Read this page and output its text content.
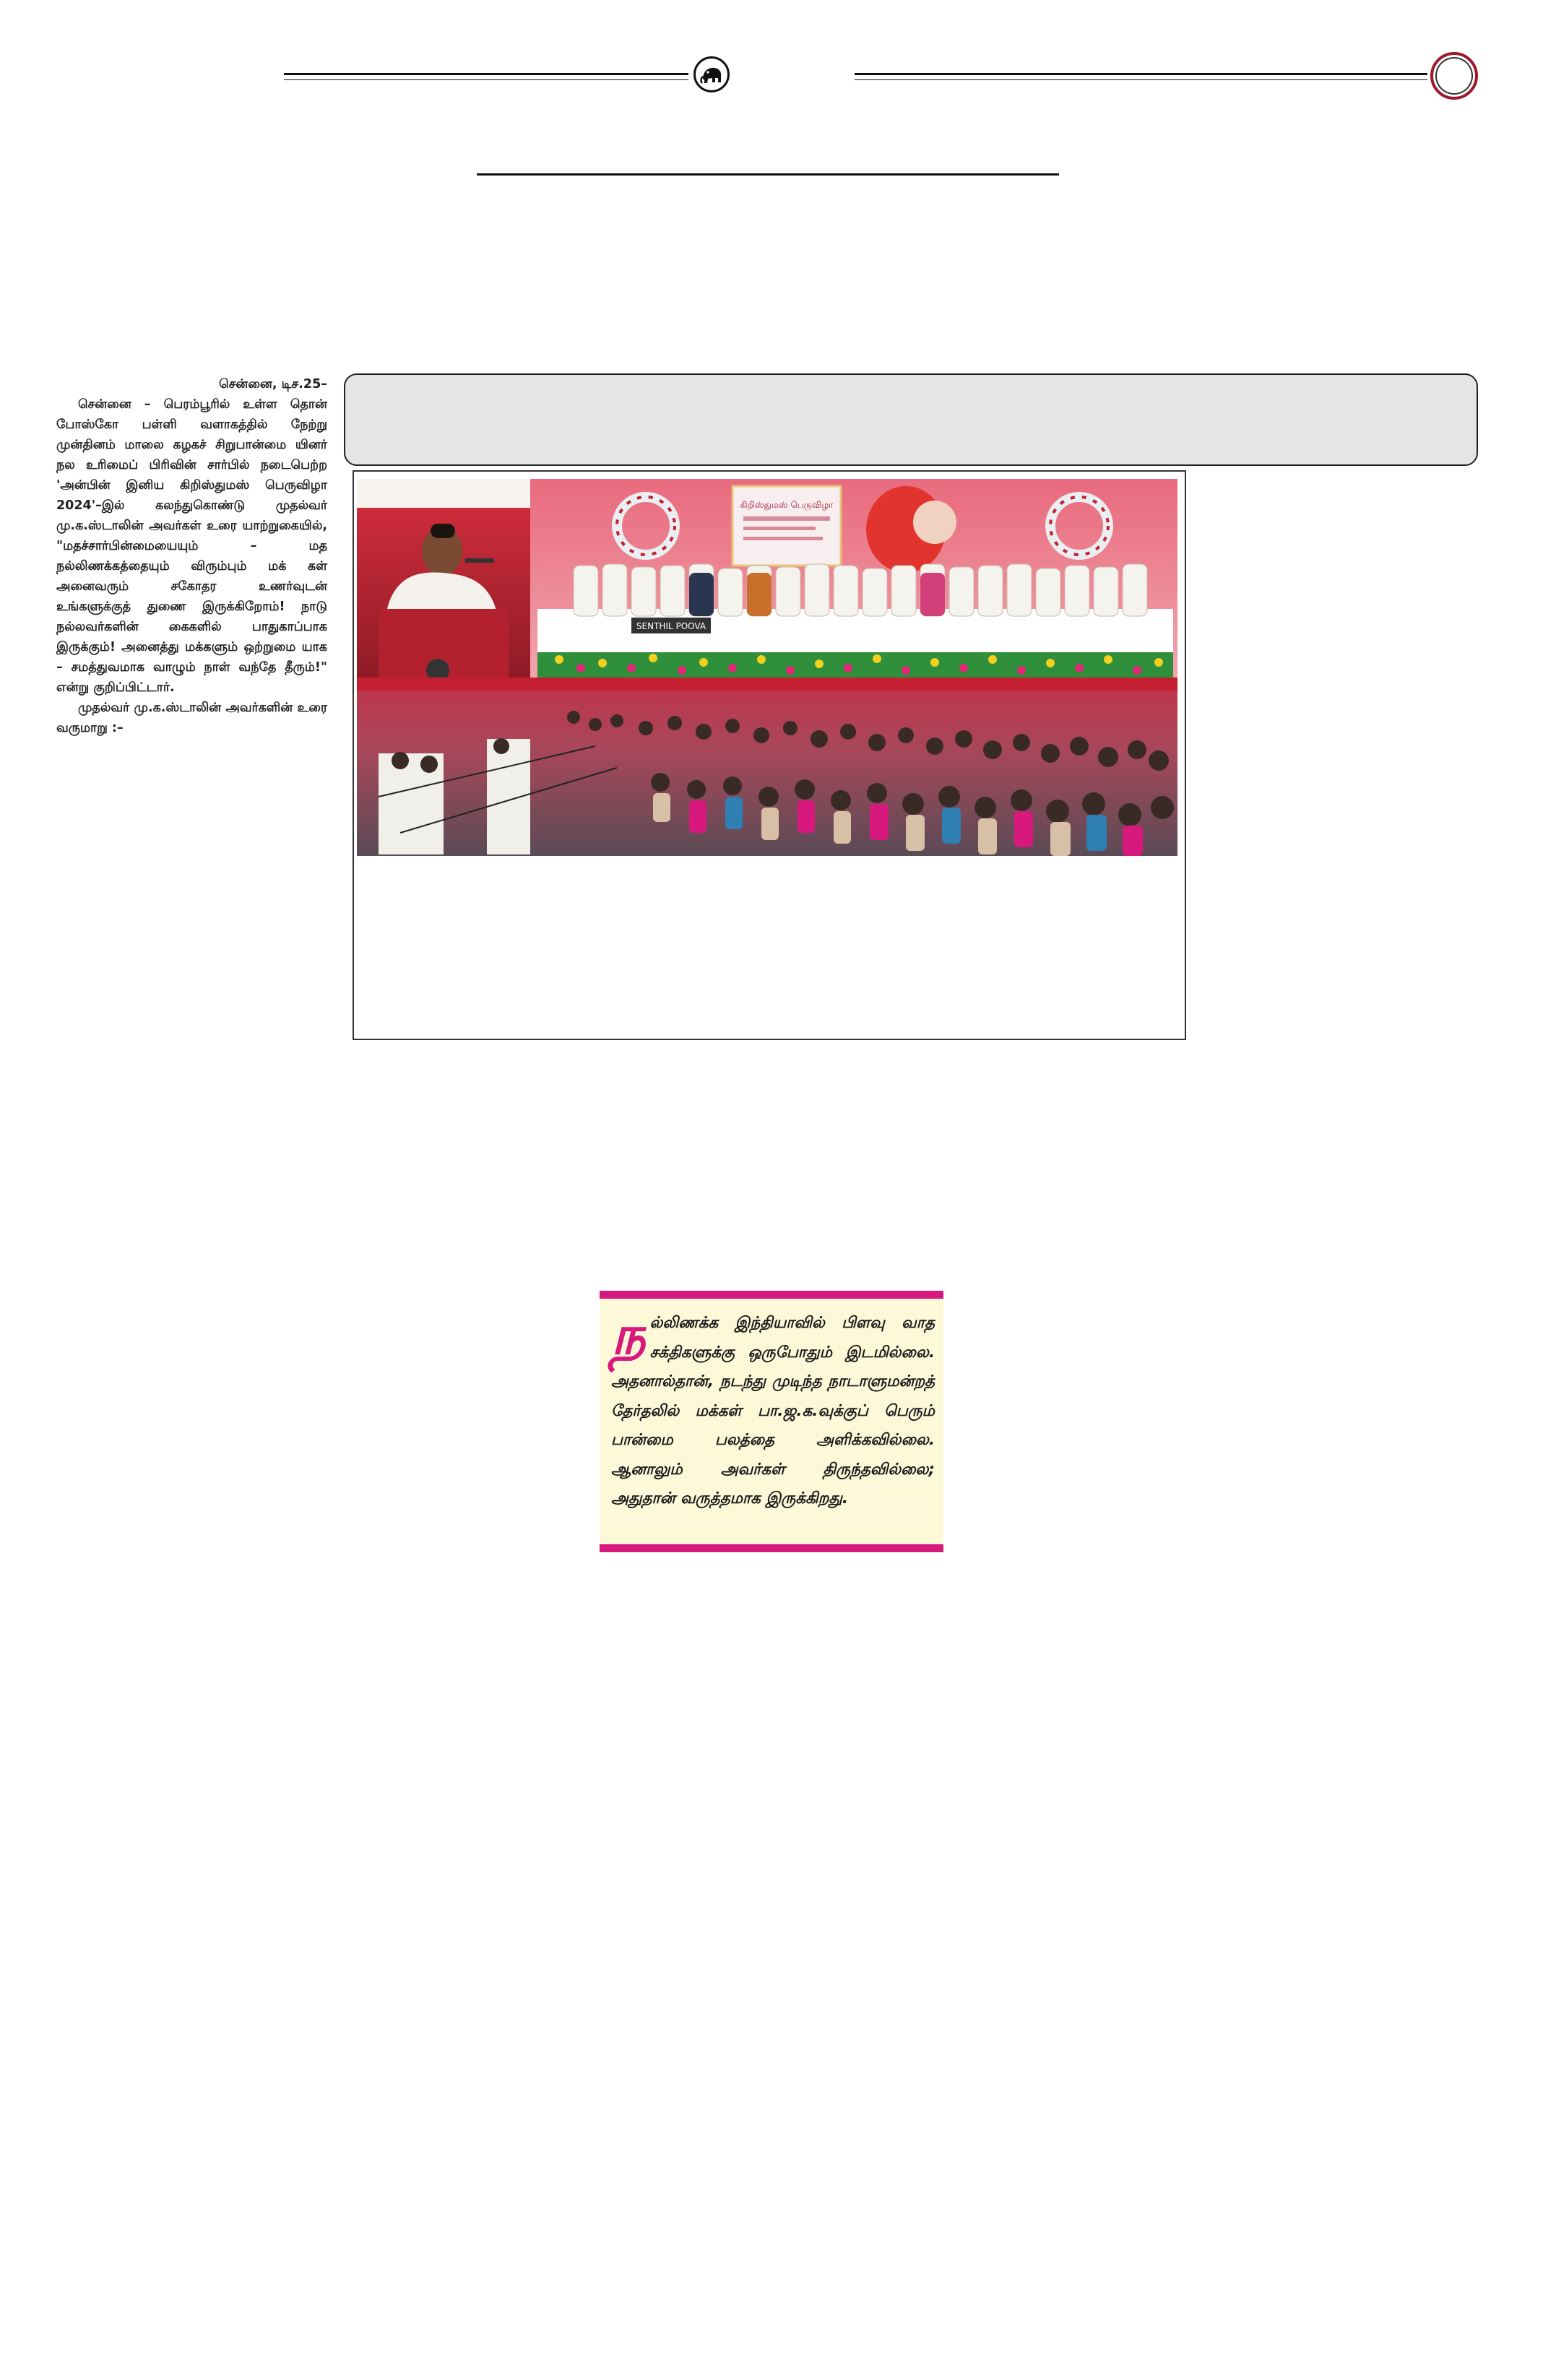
சென்னை, டிச.25–

சென்னை – பெரம்பூரில் உள்ள தொன் போஸ்கோ பள்ளி வளாகத்தில் நேற்று முன்தினம் மாலை கழகச் சிறுபான்மை யினர் நல உரிமைப் பிரிவின் சார்பில் நடைபெற்ற 'அன்பின் இனிய கிறிஸ்துமஸ் பெருவிழா 2024'–இல் கலந்துகொண்டு முதல்வர் மு.க.ஸ்டாலின் அவர்கள் உரை யாற்றுகையில், "மதச்சார்பின்மையையும் – மத நல்லிணக்கத்தையும் விரும்பும் மக் கள் அனைவரும் சகோதர உணர்வுடன் உங்களுக்குத் துணை இருக்கிறோம்! நாடு நல்லவர்களின் கைகளில் பாதுகாப்பாக இருக்கும்! அனைத்து மக்களும் ஒற்றுமை யாக – சமத்துவமாக வாழும் நாள் வந்தே தீரும்!" என்று குறிப்பிட்டார்.

முதல்வர் மு.க.ஸ்டாலின் அவர்களின் உரை வருமாறு :–

கிறிஸ்துமஸ் பெருவிழா
SENTHIL POOVA
ந ல்லிணக்க இந்தியாவில் பிளவு வாத சக்திகளுக்கு ஒருபோதும் இடமில்லை. அதனால்தான், நடந்து முடிந்த நாடாளுமன்றத் தேர்தலில் மக்கள் பா.ஜ.க.வுக்குப் பெரும் பான்மை பலத்தை அளிக்கவில்லை. ஆனாலும் அவர்கள் திருந்தவில்லை; அதுதான் வருத்தமாக இருக்கிறது.
